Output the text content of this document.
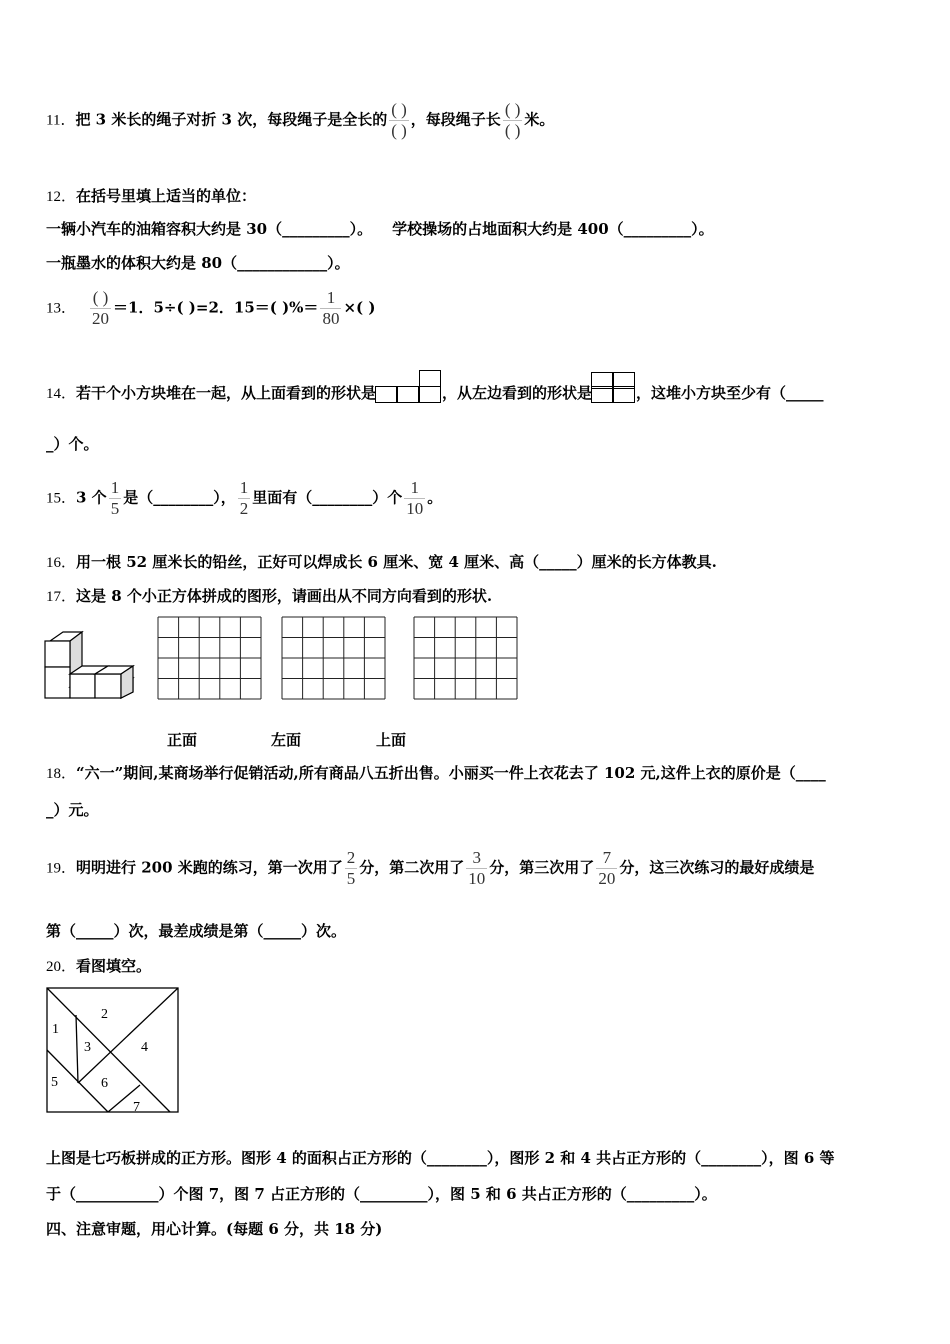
11．把 3 米长的绳子对折 3 次，每段绳子是全长的 $\frac{( )}{( )}$ ，每段绳子长 $\frac{( )}{( )}$ 米。
12．在括号里填上适当的单位：
一辆小汽车的油箱容积大约是 30（_________）。 学校操场的占地面积大约是 400（_________）。
一瓶墨水的体积大约是 80（____________）。
13． $\frac{( )}{20} =1$．5÷( )=2．15＝( )%＝ $\frac{1}{80}$ ×( )
14．若干个小方块堆在一起，从上面看到的形状是	，从左边看到的形状是	，这堆小方块至少有（_____
_）个。
15．3 个 $\frac{1}{5}$ 是（________）， $\frac{1}{2}$ 里面有（________）个 $\frac{1}{10}$ 。
16．用一根 52 厘米长的铅丝，正好可以焊成长 6 厘米、宽 4 厘米、高（_____）厘米的长方体教具.
17．这是 8 个小正方体拼成的图形，请画出从不同方向看到的形状.
正面	左面	上面
18．“六一”期间,某商场举行促销活动,所有商品八五折出售。小丽买一件上衣花去了 102 元,这件上衣的原价是（____
_）元。
19．明明进行 200 米跑的练习，第一次用了 $\frac{2}{5}$ 分，第二次用了 $\frac{3}{10}$ 分，第三次用了 $\frac{7}{20}$ 分，这三次练习的最好成绩是
第（_____）次，最差成绩是第（_____）次。
20．看图填空。
1
2
3	4
5	6
7
上图是七巧板拼成的正方形。图形 4 的面积占正方形的（________），图形 2 和 4 共占正方形的（________），图 6 等
于（___________）个图 7，图 7 占正方形的（_________），图 5 和 6 共占正方形的（_________）。
四、注意审题，用心计算。(每题 6 分，共 18 分)
